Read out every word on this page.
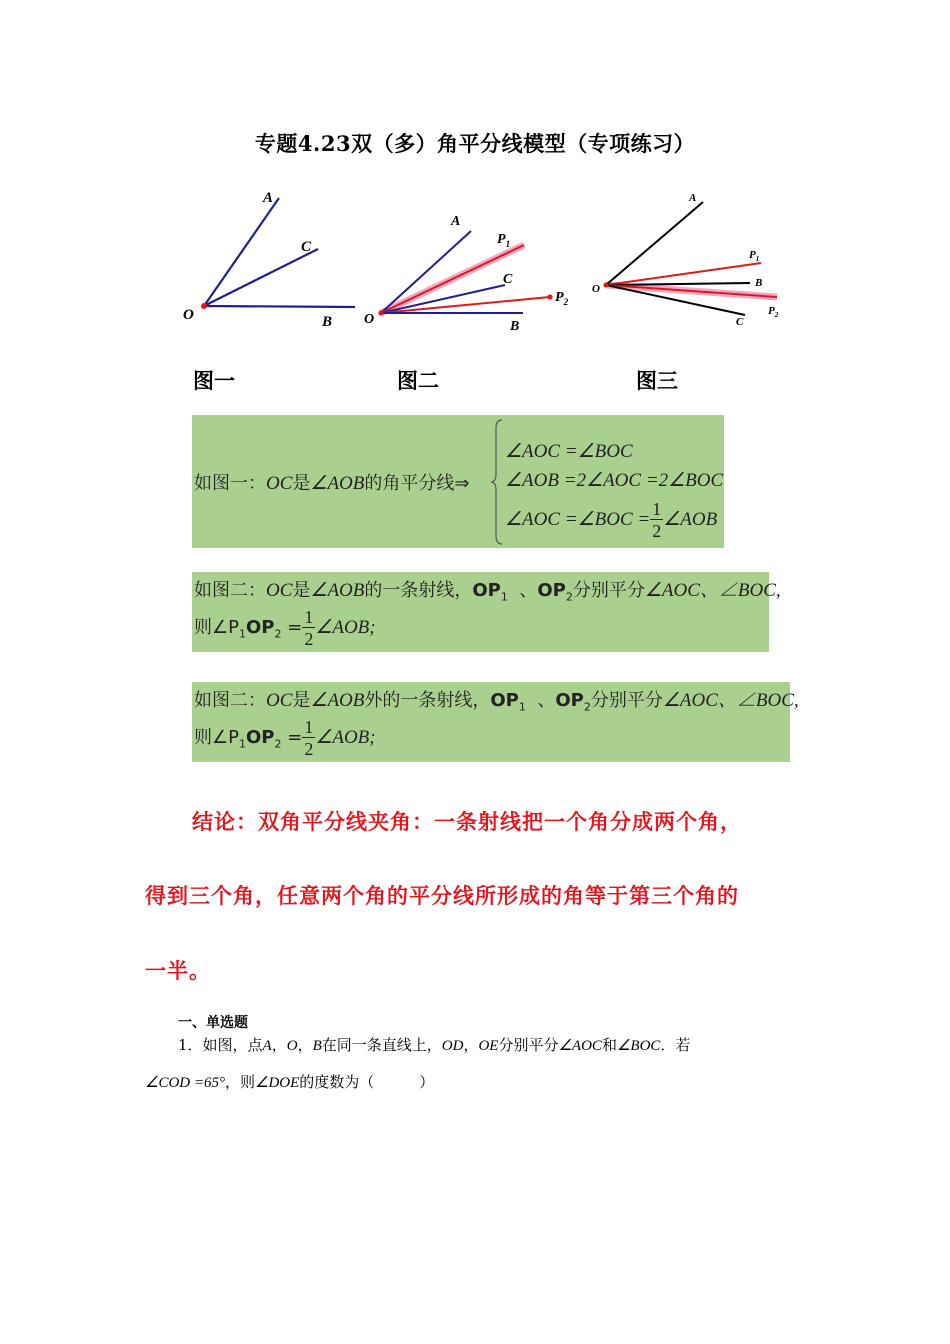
专题4.23双（多）角平分线模型（专项练习）
A
C
O	B
A
$P_1$
C
$P_2$
O	B
A
$P_1$
B
O
$P_2$
C
图一	图二	图三
如图一：OC是∠AOB的角平分线⇒
∠AOC =∠BOC
∠AOB =2∠AOC =2∠BOC
∠AOC =∠BOC = $\frac{1}{2}$ ∠AOB
如图二：OC是∠AOB的一条射线，$OP_1$ 、$OP_2$分别平分∠AOC、∠BOC,
则$\angle P_1OP_2 = \frac{1}{2}$ ∠AOB;
如图二：OC是∠AOB外的一条射线，$OP_1$ 、$OP_2$分别平分∠AOC、∠BOC,
则$\angle P_1OP_2 = \frac{1}{2}$ ∠AOB;
结论：双角平分线夹角：一条射线把一个角分成两个角，
得到三个角，任意两个角的平分线所形成的角等于第三个角的
一半。
一、单选题
1．如图，点A，O，B在同一条直线上，OD，OE分别平分∠AOC和∠BOC．若
∠COD =65°，则∠DOE的度数为（　　　）
